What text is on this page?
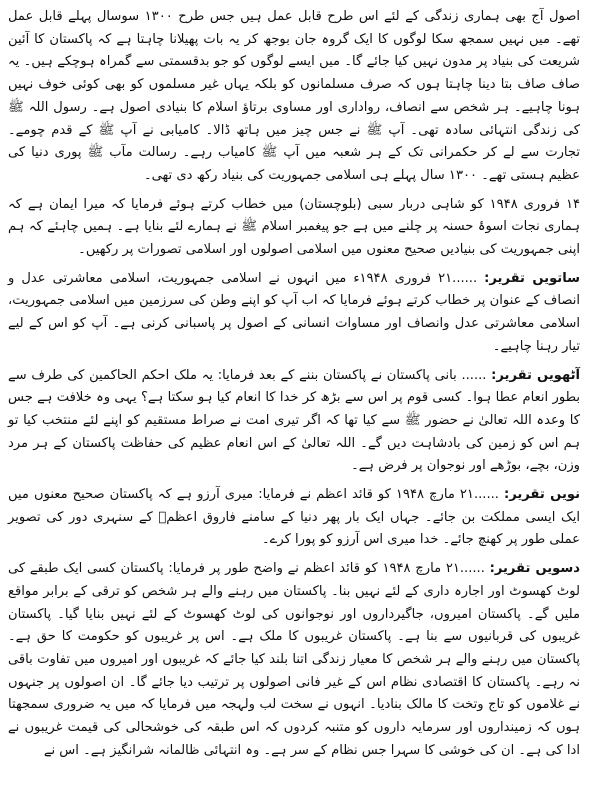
اصول آج بھی ہماری زندگی کے لئے اس طرح قابل عمل ہیں جس طرح ۱۳۰۰ سوسال پہلے قابل عمل تھے۔ میں نہیں سمجھ سکا لوگوں کا ایک گروہ جان بوجھ کر یہ بات پھیلانا چاہتا ہے کہ پاکستان کا آئین شریعت کی بنیاد پر مدون نہیں کیا جائے گا۔ میں ایسے لوگوں کو جو بدقسمتی سے گمراہ ہوچکے ہیں۔ یہ صاف صاف بتا دینا چاہتا ہوں کہ صرف مسلمانوں کو بلکہ یہاں غیر مسلموں کو بھی کوئی خوف نہیں ہونا چاہیے۔ ہر شخص سے انصاف، رواداری اور مساوی برتاؤ اسلام کا بنیادی اصول ہے۔ رسول اللہ ﷺ کی زندگی انتہائی سادہ تھی۔ آپ ﷺ نے جس چیز میں ہاتھ ڈالا۔ کامیابی نے آپ ﷺ کے قدم چومے۔ تجارت سے لے کر حکمرانی تک کے ہر شعبہ میں آپ ﷺ کامیاب رہے۔ رسالت مآب ﷺ پوری دنیا کی عظیم ہستی تھے۔ ۱۳۰۰ سال پہلے ہی اسلامی جمہوریت کی بنیاد رکھ دی تھی۔

۱۴ فروری ۱۹۴۸ کو شاہی دربار سبی (بلوچستان) میں خطاب کرتے ہوئے فرمایا کہ میرا ایمان ہے کہ ہماری نجات اسوۂ حسنہ پر چلنے میں ہے جو پیغمبر اسلام ﷺ نے ہمارے لئے بنایا ہے۔ ہمیں چاہئے کہ ہم اپنی جمہوریت کی بنیادیں صحیح معنوں میں اسلامی اصولوں اور اسلامی تصورات پر رکھیں۔

ساتویں تقریر: ......۲۱ فروری ۱۹۴۸ء میں انہوں نے اسلامی جمہوریت، اسلامی معاشرتی عدل و انصاف کے عنوان پر خطاب کرتے ہوئے فرمایا کہ اب آپ کو اپنے وطن کی سرزمین میں اسلامی جمہوریت، اسلامی معاشرتی عدل وانصاف اور مساوات انسانی کے اصول پر پاسبانی کرنی ہے۔ آپ کو اس کے لیے تیار رہنا چاہیے۔

آٹھویں تقریر: ...... بانی پاکستان نے پاکستان بننے کے بعد فرمایا: یہ ملک احکم الحاکمین کی طرف سے بطور انعام عطا ہوا۔ کسی قوم پر اس سے بڑھ کر خدا کا انعام کیا ہو سکتا ہے؟ یہی وہ خلافت ہے جس کا وعدہ اللہ تعالیٰ نے حضور ﷺ سے کیا تھا کہ اگر تیری امت نے صراط مستقیم کو اپنے لئے منتخب کیا تو ہم اس کو زمین کی بادشاہت دیں گے۔ اللہ تعالیٰ کے اس انعام عظیم کی حفاظت پاکستان کے ہر مرد وزن، بچے، بوڑھے اور نوجوان پر فرض ہے۔

نویں تقریر: ......۲۱ مارچ ۱۹۴۸ کو قائد اعظم نے فرمایا: میری آرزو ہے کہ پاکستان صحیح معنوں میں ایک ایسی مملکت بن جائے۔ جہاں ایک بار پھر دنیا کے سامنے فاروق اعظمؓ کے سنہری دور کی تصویر عملی طور پر کھنچ جائے۔ خدا میری اس آرزو کو پورا کرے۔

دسویں تقریر: ......۲۱ مارچ ۱۹۴۸ کو قائد اعظم نے واضح طور پر فرمایا: پاکستان کسی ایک طبقے کی لوٹ کھسوٹ اور اجارہ داری کے لئے نہیں بنا۔ پاکستان میں رہنے والے ہر شخص کو ترقی کے برابر مواقع ملیں گے۔ پاکستان امیروں، جاگیرداروں اور نوجوانوں کی لوٹ کھسوٹ کے لئے نہیں بنایا گیا۔ پاکستان غریبوں کی قربانیوں سے بنا ہے۔ پاکستان غریبوں کا ملک ہے۔ اس پر غریبوں کو حکومت کا حق ہے۔ پاکستان میں رہنے والے ہر شخص کا معیار زندگی اتنا بلند کیا جائے کہ غریبوں اور امیروں میں تفاوت باقی نہ رہے۔ پاکستان کا اقتصادی نظام اس کے غیر فانی اصولوں پر ترتیب دیا جائے گا۔ ان اصولوں پر جنہوں نے غلاموں کو تاج وتخت کا مالک بنادیا۔ انہوں نے سخت لب ولہجہ میں فرمایا کہ میں یہ ضروری سمجھتا ہوں کہ زمینداروں اور سرمایہ داروں کو متنبہ کردوں کہ اس طبقہ کی خوشحالی کی قیمت غریبوں نے ادا کی ہے۔ ان کی خوشی کا سہرا جس نظام کے سر ہے۔ وہ انتہائی ظالمانہ شرانگیز ہے۔ اس نے
